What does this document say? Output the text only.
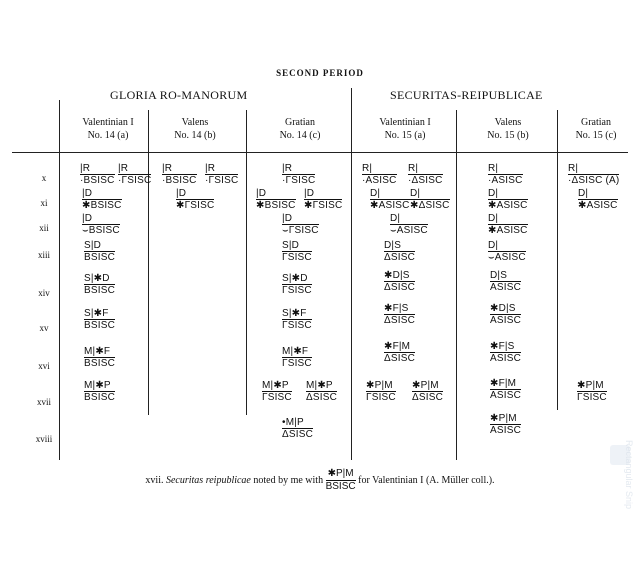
SECOND PERIOD
GLORIA RO-MANORUM	SECURITAS-REIPUBLICAE
Valentinian I
No. 14 (a)
Valens
No. 14 (b)
Gratian
No. 14 (c)
Valentinian I
No. 15 (a)
Valens
No. 15 (b)
Gratian
No. 15 (c)
x
xi
xii
xiii
xiv
xv
xvi
xvii
xviii
|R
·BSISC
|R
·ΓSISC
|D
✱BSISC
|D
⌣BSISC
S|D
BSISC
S|✱D
BSISC
S|✱F
BSISC
M|✱F
BSISC
M|✱P
BSISC
|R
·BSISC
|R
·ΓSISC
|D
✱ΓSISC
|R
·ΓSISC
|D
✱BSISC
|D
✱ΓSISC
|D
⌣ΓSISC
S|D
ΓSISC
S|✱D
ΓSISC
S|✱F
ΓSISC
M|✱F
ΓSISC
M|✱P
ΓSISC
M|✱P
ΔSISC
•M|P
ΔSISC
R|
·ΑSISC
R|
·ΔSISC
D|
✱ΑSISC
D|
✱ΔSISC
D|
⌣ΑSISC
D|S
ΔSISC
✱D|S
ΔSISC
✱F|S
ΔSISC
✱F|M
ΔSISC
✱P|M
ΓSISC
✱P|M
ΔSISC
R|
·ΑSISC
D|
✱ΑSISC
D|
✱ΑSISC
D|
⌣ΑSISC
D|S
ΑSISC
✱D|S
ΑSISC
✱F|S
ΑSISC
✱F|M
ΑSISC
✱P|M
ΑSISC
R|
·ΔSISC (A)
D|
✱ΑSISC
✱P|M
ΓSISC
xvii. Securitas reipublicae noted by me with $\frac{✱P|M}{\text{BSISC}}$ for Valentinian I (A. Müller coll.).	Rectangular Snip
